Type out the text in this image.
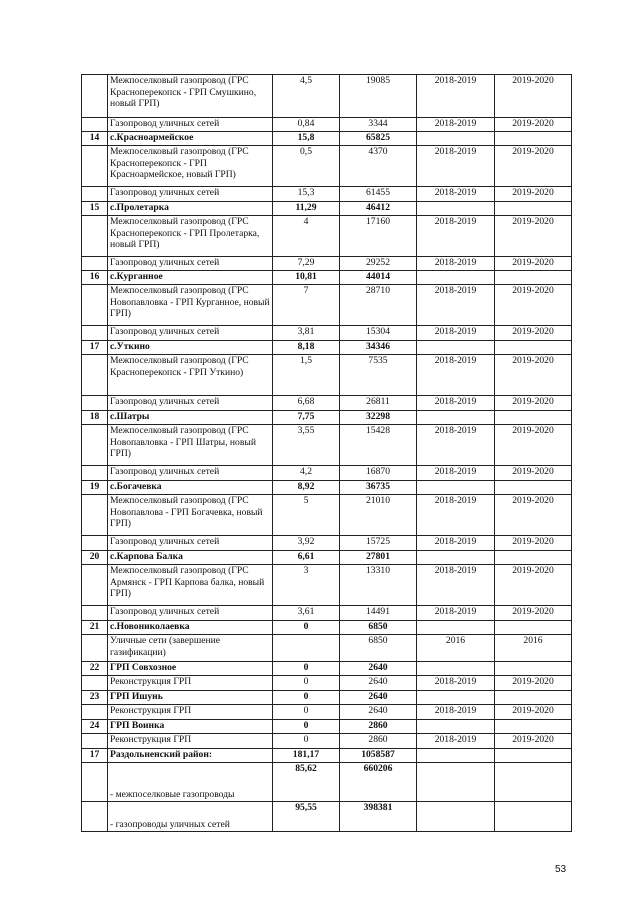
	Межпоселковый газопровод (ГРС Красноперекопск - ГРП Смушкино, новый ГРП)	4,5	19085	2018-2019	2019-2020
	Газопровод уличных сетей	0,84	3344	2018-2019	2019-2020
14	с.Красноармейское	15,8	65825		
	Межпоселковый газопровод (ГРС Красноперекопск - ГРП Красноармейское, новый ГРП)	0,5	4370	2018-2019	2019-2020
	Газопровод уличных сетей	15,3	61455	2018-2019	2019-2020
15	с.Пролетарка	11,29	46412		
	Межпоселковый газопровод (ГРС Красноперекопск - ГРП Пролетарка, новый ГРП)	4	17160	2018-2019	2019-2020
	Газопровод уличных сетей	7,29	29252	2018-2019	2019-2020
16	с.Курганное	10,81	44014		
	Межпоселковый газопровод (ГРС Новопавловка - ГРП Курганное, новый ГРП)	7	28710	2018-2019	2019-2020
	Газопровод уличных сетей	3,81	15304	2018-2019	2019-2020
17	с.Уткино	8,18	34346		
	Межпоселковый газопровод (ГРС Красноперекопск - ГРП Уткино)	1,5	7535	2018-2019	2019-2020
	Газопровод уличных сетей	6,68	26811	2018-2019	2019-2020
18	с.Шатры	7,75	32298		
	Межпоселковый газопровод (ГРС Новопавловка - ГРП Шатры, новый ГРП)	3,55	15428	2018-2019	2019-2020
	Газопровод уличных сетей	4,2	16870	2018-2019	2019-2020
19	с.Богачевка	8,92	36735		
	Межпоселковый газопровод (ГРС Новопавлова - ГРП Богачевка, новый ГРП)	5	21010	2018-2019	2019-2020
	Газопровод уличных сетей	3,92	15725	2018-2019	2019-2020
20	с.Карпова Балка	6,61	27801		
	Межпоселковый газопровод (ГРС Армянск - ГРП Карпова балка, новый ГРП)	3	13310	2018-2019	2019-2020
	Газопровод уличных сетей	3,61	14491	2018-2019	2019-2020
21	с.Новониколаевка	0	6850		
	Уличные сети (завершение газификации)		6850	2016	2016
22	ГРП Совхозное	0	2640		
	Реконструкция ГРП	0	2640	2018-2019	2019-2020
23	ГРП Ишунь	0	2640		
	Реконструкция ГРП	0	2640	2018-2019	2019-2020
24	ГРП Воинка	0	2860		
	Реконструкция ГРП	0	2860	2018-2019	2019-2020
17	Раздольненский район:	181,17	1058587		
	- межпоселковые газопроводы	85,62	660206		
	- газопроводы уличных сетей	95,55	398381		
53
